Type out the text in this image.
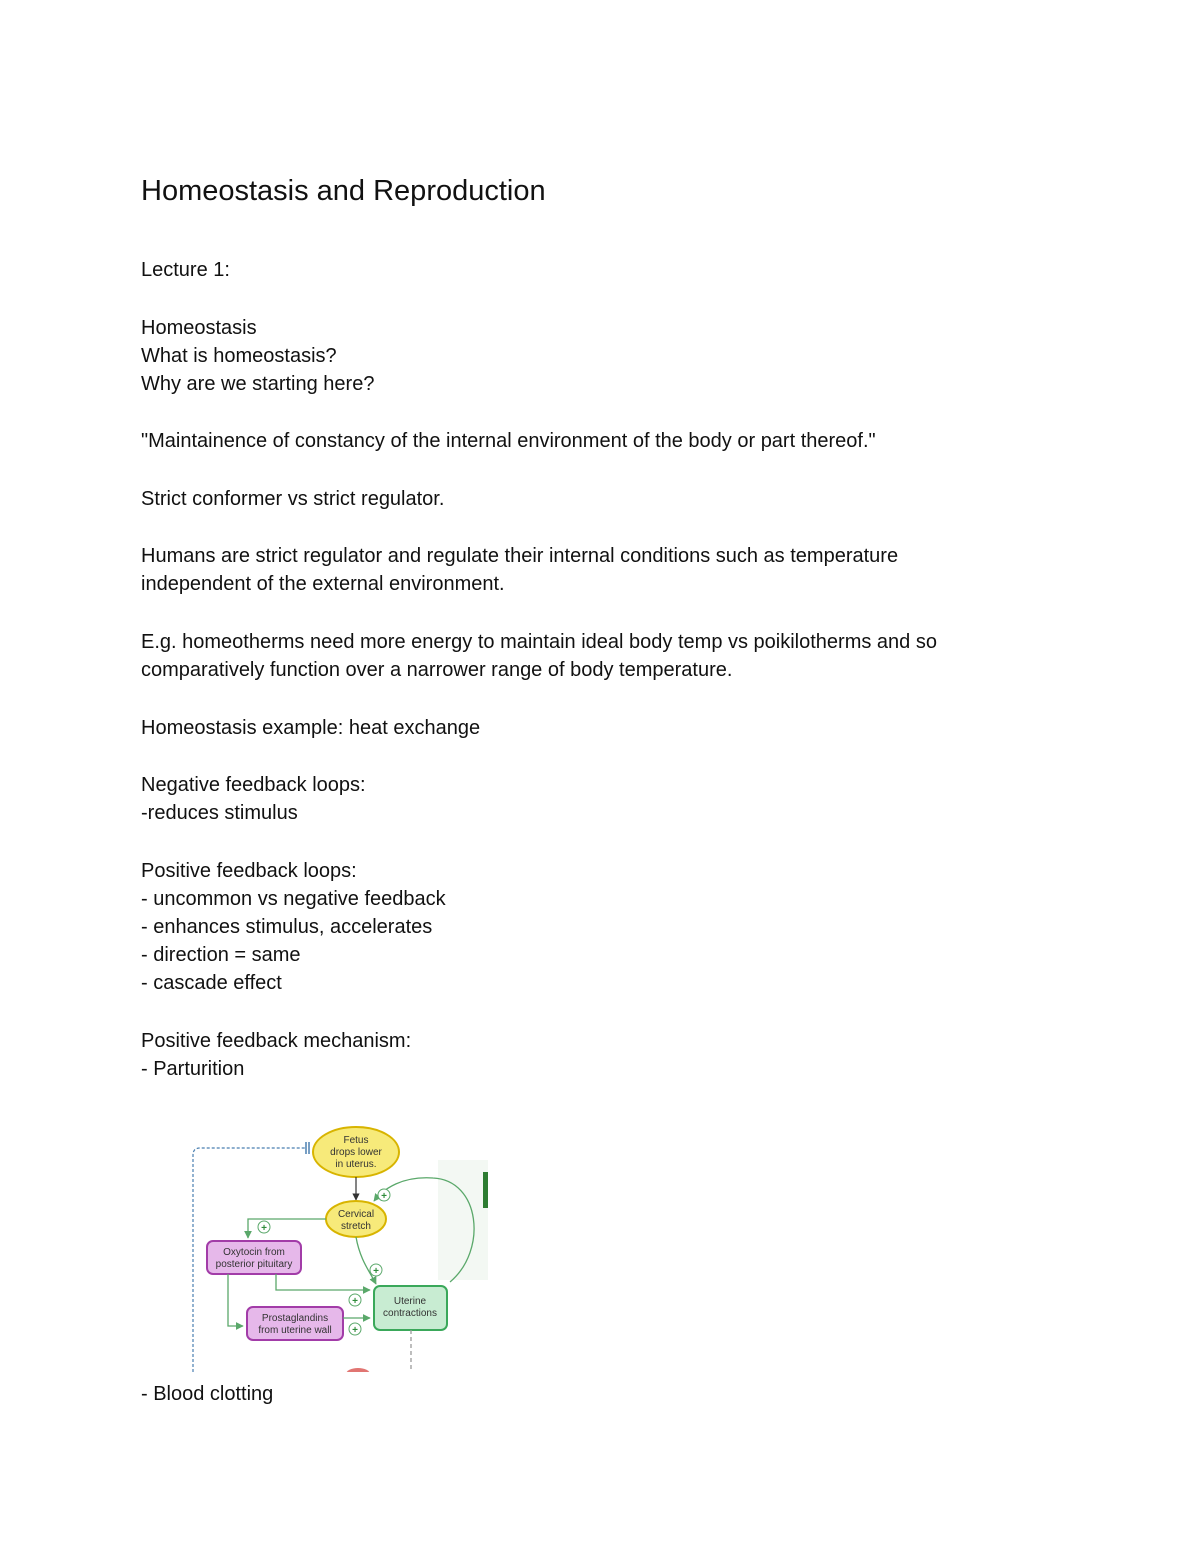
Homeostasis and Reproduction

Lecture 1:

Homeostasis

What is homeostasis?

Why are we starting here?

"Maintainence of constancy of the internal environment of the body or part thereof."

Strict conformer vs strict regulator.

Humans are strict regulator and regulate their internal conditions such as temperature

independent of the external environment.

E.g. homeotherms need more energy to maintain ideal body temp vs poikilotherms and so

comparatively function over a narrower range of body temperature.

Homeostasis example: heat exchange

Negative feedback loops:

-reduces stimulus

Positive feedback loops:

- uncommon vs negative feedback

- enhances stimulus, accelerates

- direction = same

- cascade effect

Positive feedback mechanism:

- Parturition

- Blood clotting

Fetus
drops lower
in uterus.
Cervical
stretch
+
+
Oxytocin from
posterior pituitary
+
+
Prostaglandins
from uterine wall +
Uterine
contractions
